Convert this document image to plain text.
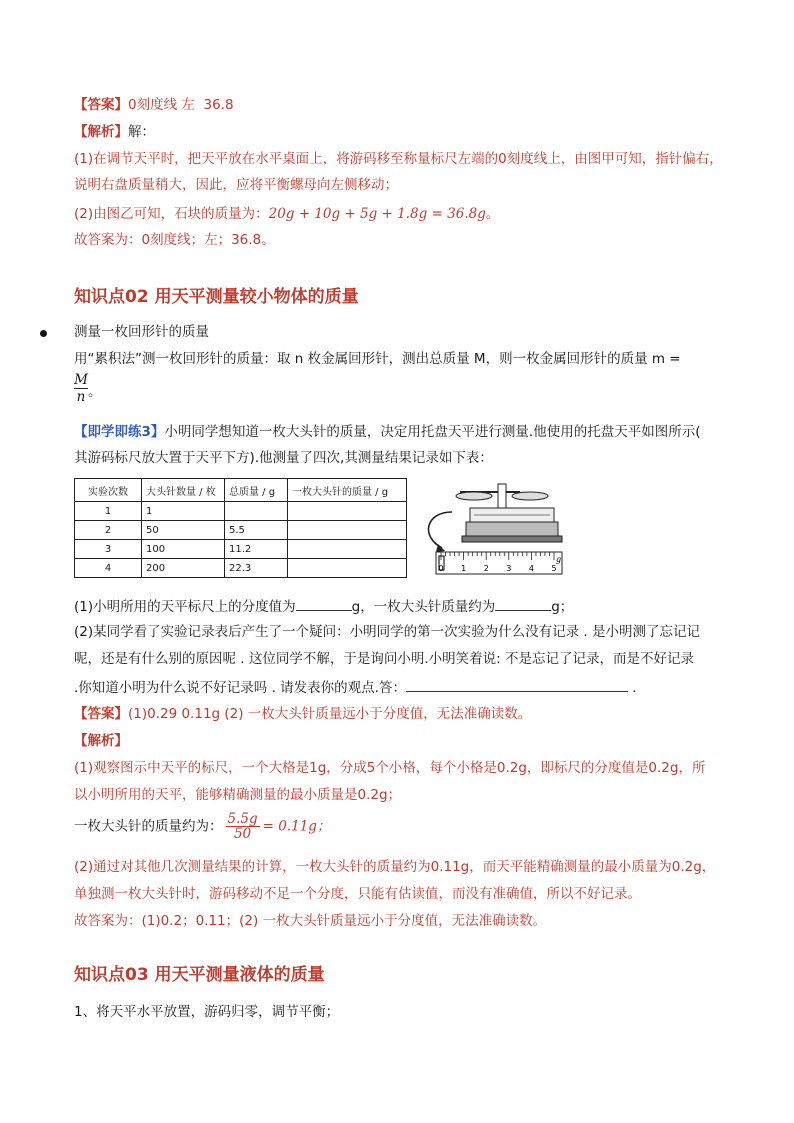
【答案】0刻度线 左 36.8
【解析】解：
(1)在调节天平时，把天平放在水平桌面上，将游码移至称量标尺左端的0刻度线上，由图甲可知，指针偏右，
说明右盘质量稍大，因此，应将平衡螺母向左侧移动；
(2)由图乙可知，石块的质量为：20g + 10g + 5g + 1.8g = 36.8g。
故答案为：0刻度线；左；36.8。
知识点02 用天平测量较小物体的质量
测量一枚回形针的质量
用“累积法”测一枚回形针的质量：取 n 枚金属回形针，测出总质量 M，则一枚金属回形针的质量 m =
$\frac{M}{n}$ 。
【即学即练3】小明同学想知道一枚大头针的质量，决定用托盘天平进行测量.他使用的托盘天平如图所示(
其游码标尺放大置于天平下方).他测量了四次,其测量结果记录如下表：
实验次数	大头针数量 / 枚	总质量 / g	一枚大头针的质量 / g
1	1		
2	50	5.5	
3	100	11.2	
4	200	22.3		0 1 2 3 4 5
g
(1)小明所用的天平标尺上的分度值为	g，一枚大头针质量约为	g；
(2)某同学看了实验记录表后产生了一个疑问：小明同学的第一次实验为什么没有记录 . 是小明测了忘记记
呢，还是有什么别的原因呢 . 这位同学不解，于是询问小明.小明笑着说: 不是忘记了记录，而是不好记录
.你知道小明为什么说不好记录吗 . 请发表你的观点.答：	.
【答案】(1)0.29 0.11g (2) 一枚大头针质量远小于分度值，无法准确读数。
【解析】
(1)观察图示中天平的标尺，一个大格是1g，分成5个小格，每个小格是0.2g，即标尺的分度值是0.2g，所
以小明所用的天平，能够精确测量的最小质量是0.2g；
一枚大头针的质量约为： $\frac{5.5g}{50} = 0.11g$；
(2)通过对其他几次测量结果的计算，一枚大头针的质量约为0.11g，而天平能精确测量的最小质量为0.2g，
单独测一枚大头针时，游码移动不足一个分度，只能有估读值，而没有准确值，所以不好记录。
故答案为：(1)0.2；0.11；(2) 一枚大头针质量远小于分度值，无法准确读数。
知识点03 用天平测量液体的质量
1、将天平水平放置，游码归零，调节平衡；
